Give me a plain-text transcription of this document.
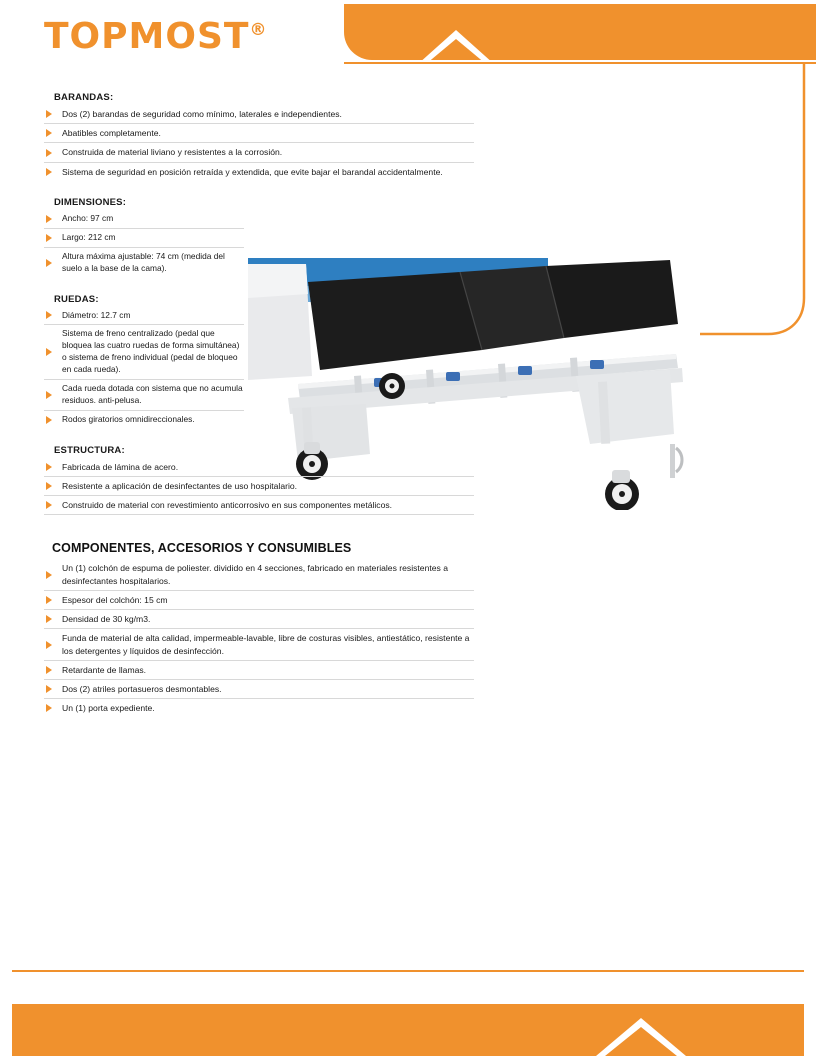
TOPMOST®
BARANDAS:
Dos (2) barandas de seguridad como mínimo, laterales e independientes.
Abatibles completamente.
Construida de material liviano y resistentes a la corrosión.
Sistema de seguridad en posición retraída y extendida, que evite bajar el barandal accidentalmente.
DIMENSIONES:
Ancho: 97 cm
Largo: 212 cm
Altura máxima ajustable: 74 cm (medida del suelo a la base de la cama).
RUEDAS:
Diámetro: 12.7 cm
Sistema de freno centralizado (pedal que bloquea las cuatro ruedas de forma simultánea) o sistema de freno individual (pedal de bloqueo en cada rueda).
Cada rueda dotada con sistema que no acumula residuos. anti-pelusa.
Rodos giratorios omnidireccionales.
ESTRUCTURA:
Fabricada de lámina de acero.
Resistente a aplicación de desinfectantes de uso hospitalario.
Construido de material con revestimiento anticorrosivo en sus componentes metálicos.
COMPONENTES, ACCESORIOS Y CONSUMIBLES
Un (1) colchón de espuma de poliester. dividido en 4 secciones, fabricado en materiales resistentes a desinfectantes hospitalarios.
Espesor del colchón: 15 cm
Densidad de 30 kg/m3.
Funda de material de alta calidad, impermeable-lavable, libre de costuras visibles, antiestático, resistente a los detergentes y líquidos de desinfección.
Retardante de llamas.
Dos (2) atriles portasueros desmontables.
Un (1) porta expediente.
